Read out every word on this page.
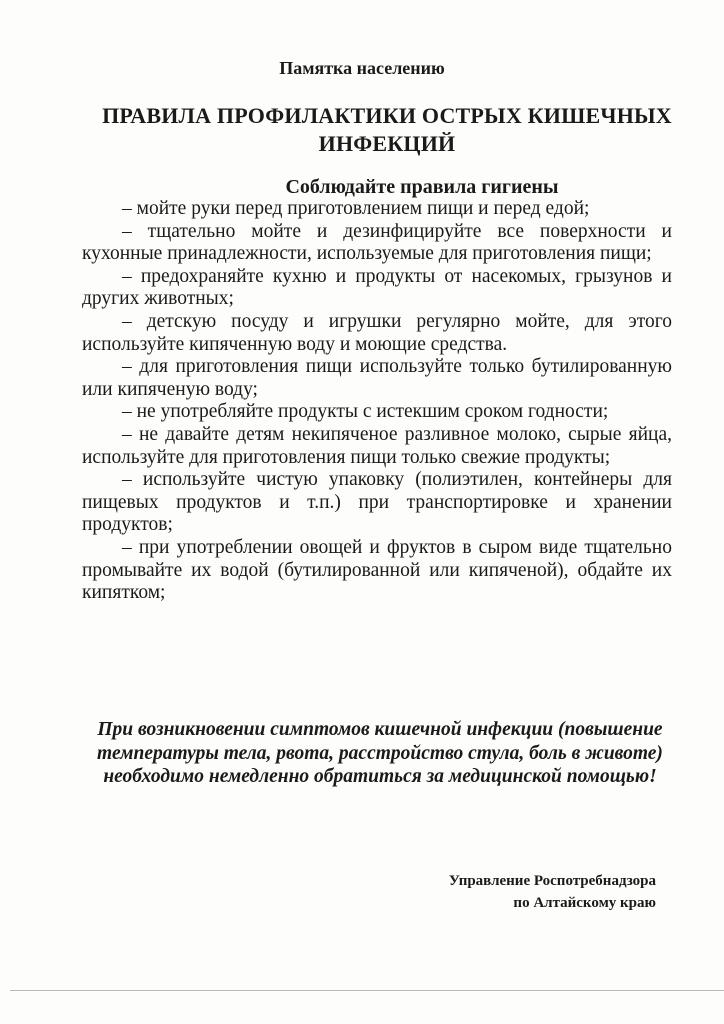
Памятка населению
ПРАВИЛА ПРОФИЛАКТИКИ ОСТРЫХ КИШЕЧНЫХ
ИНФЕКЦИЙ
Соблюдайте правила гигиены

– мойте руки перед приготовлением пищи и перед едой;

– тщательно мойте и дезинфицируйте все поверхности и кухонные принадлежности, используемые для приготовления пищи;

– предохраняйте кухню и продукты от насекомых, грызунов и других животных;

– детскую посуду и игрушки регулярно мойте, для этого используйте кипяченную воду и моющие средства.

– для приготовления пищи используйте только бутилированную или кипяченую воду;

– не употребляйте продукты с истекшим сроком годности;

– не давайте детям некипяченое разливное молоко, сырые яйца, используйте для приготовления пищи только свежие продукты;

– используйте чистую упаковку (полиэтилен, контейнеры для пищевых продуктов и т.п.) при транспортировке и хранении продуктов;

– при употреблении овощей и фруктов в сыром виде тщательно промывайте их водой (бутилированной или кипяченой), обдайте их кипятком;

При возникновении симптомов кишечной инфекции (повышение температуры тела, рвота, расстройство стула, боль в животе) необходимо немедленно обратиться за медицинской помощью!
Управление Роспотребнадзора
по Алтайскому краю
